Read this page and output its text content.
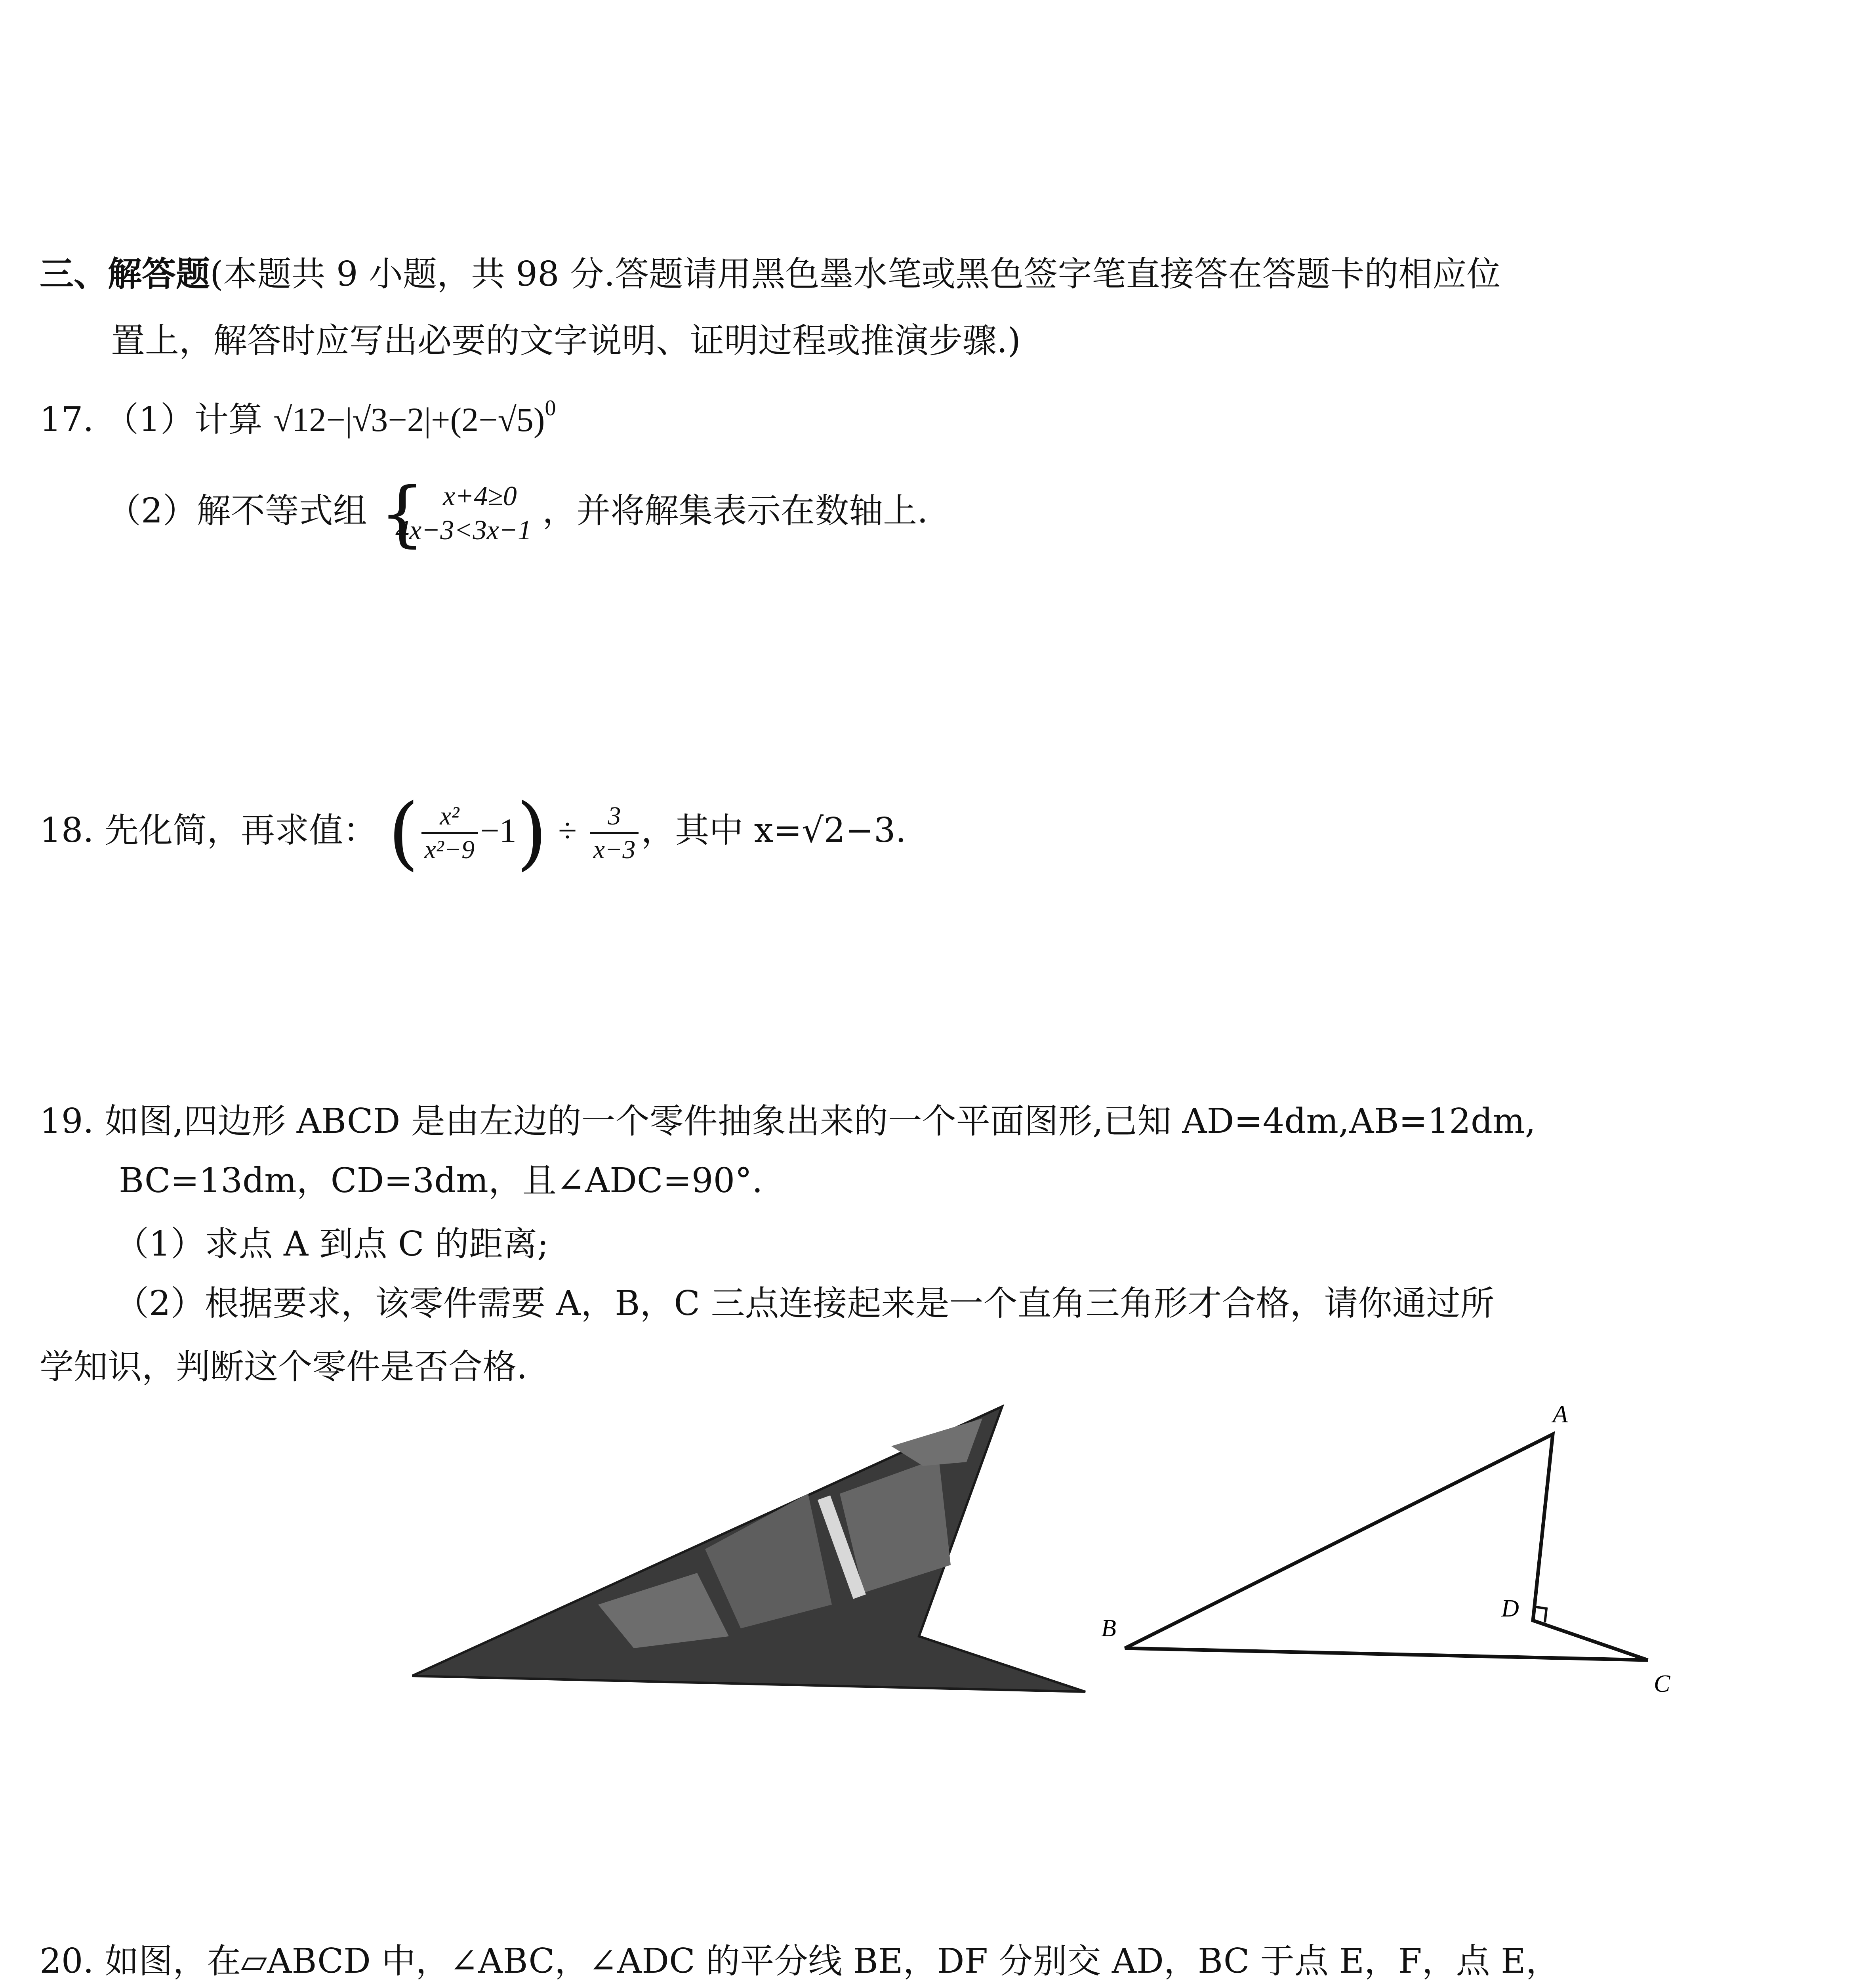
三、解答题(本题共 9 小题，共 98 分.答题请用黑色墨水笔或黑色签字笔直接答在答题卡的相应位
置上，解答时应写出必要的文字说明、证明过程或推演步骤.)
17. （1）计算 $√12-|√3-2|+(2-√5)^0$
（2）解不等式组 { x+4≥0
4x−3<3x−1 ，并将解集表示在数轴上.
18. 先化简，再求值： ( $\frac{\text{x²}}{\text{x²−9}} -1) \div \frac{3}{x-3}$ ，其中 x=√2−3.
19. 如图,四边形 ABCD 是由左边的一个零件抽象出来的一个平面图形,已知 AD=4dm,AB=12dm,
BC=13dm，CD=3dm，且∠ADC=90°.
（1）求点 A 到点 C 的距离;
（2）根据要求，该零件需要 A，B，C 三点连接起来是一个直角三角形才合格，请你通过所
学知识，判断这个零件是否合格.
A
B
C
D
20. 如图，在▱ABCD 中，∠ABC，∠ADC 的平分线 BE，DF 分别交 AD，BC 于点 E，F，点 E，
